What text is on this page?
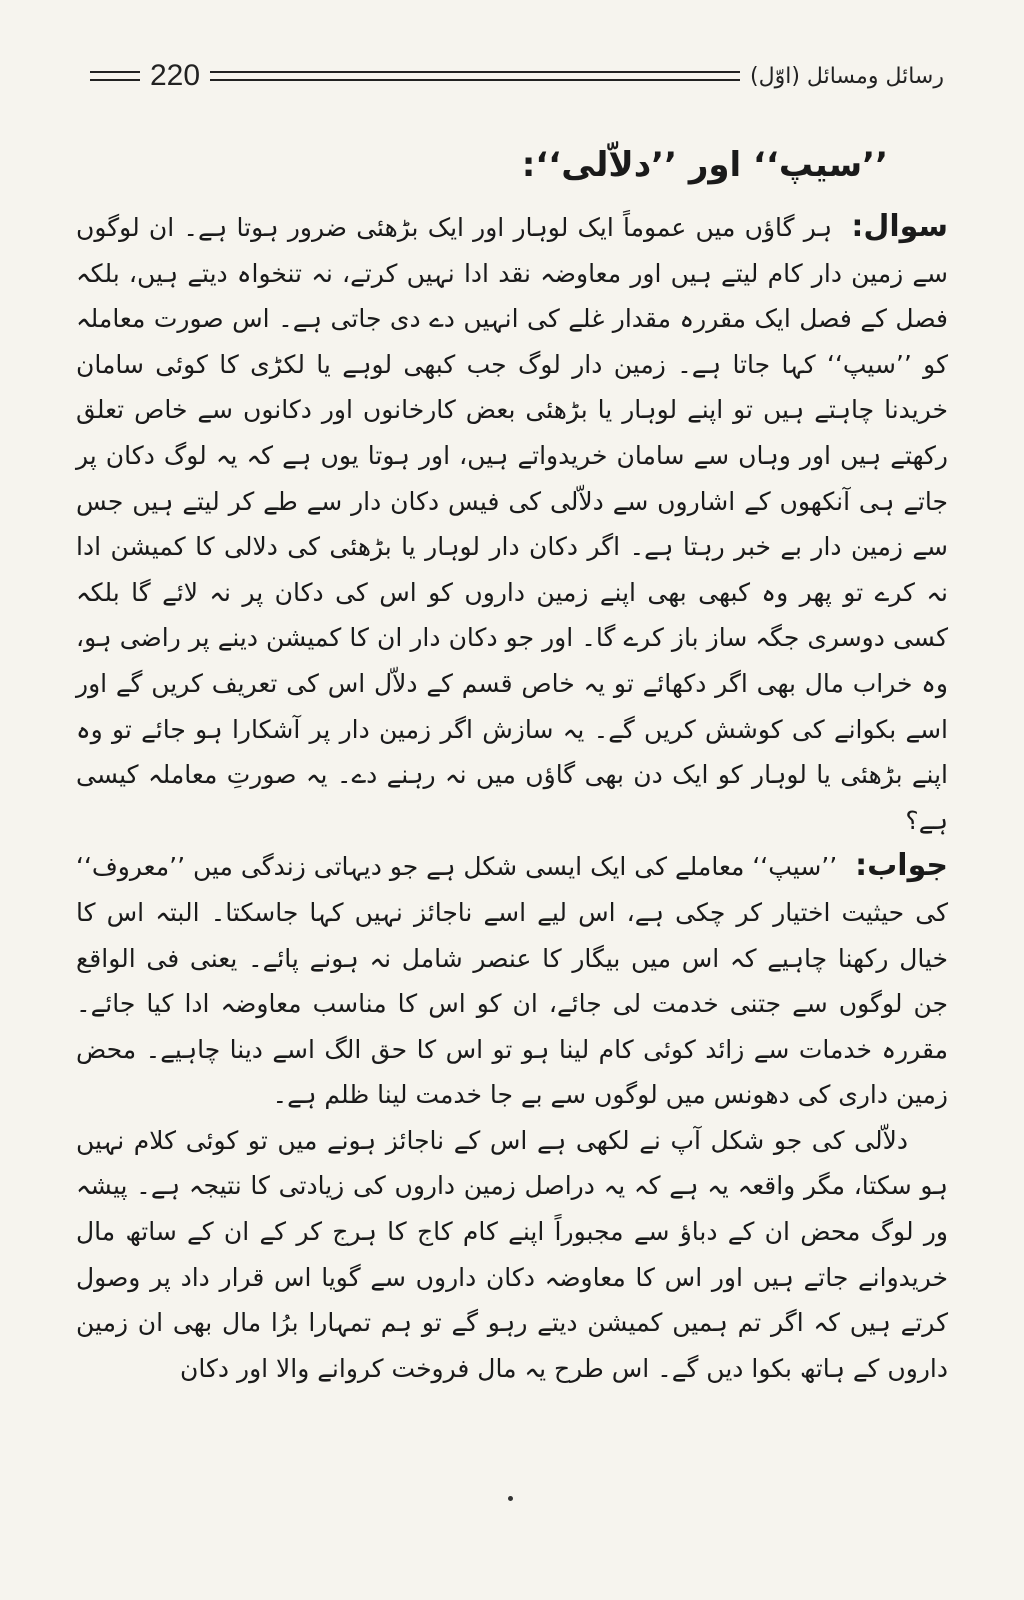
220	رسائل ومسائل (اوّل)
’’سیپ‘‘ اور ’’دلاّلی‘‘:

سوال: ہر گاؤں میں عموماً ایک لوہار اور ایک بڑھئی ضرور ہوتا ہے۔ ان لوگوں سے زمین دار کام لیتے ہیں اور معاوضہ نقد ادا نہیں کرتے، نہ تنخواہ دیتے ہیں، بلکہ فصل کے فصل ایک مقررہ مقدار غلے کی انہیں دے دی جاتی ہے۔ اس صورت معاملہ کو ’’سیپ‘‘ کہا جاتا ہے۔ زمین دار لوگ جب کبھی لوہے یا لکڑی کا کوئی سامان خریدنا چاہتے ہیں تو اپنے لوہار یا بڑھئی بعض کارخانوں اور دکانوں سے خاص تعلق رکھتے ہیں اور وہاں سے سامان خریدواتے ہیں، اور ہوتا یوں ہے کہ یہ لوگ دکان پر جاتے ہی آنکھوں کے اشاروں سے دلاّلی کی فیس دکان دار سے طے کر لیتے ہیں جس سے زمین دار بے خبر رہتا ہے۔ اگر دکان دار لوہار یا بڑھئی کی دلالی کا کمیشن ادا نہ کرے تو پھر وہ کبھی بھی اپنے زمین داروں کو اس کی دکان پر نہ لائے گا بلکہ کسی دوسری جگہ ساز باز کرے گا۔ اور جو دکان دار ان کا کمیشن دینے پر راضی ہو، وہ خراب مال بھی اگر دکھائے تو یہ خاص قسم کے دلاّل اس کی تعریف کریں گے اور اسے بکوانے کی کوشش کریں گے۔ یہ سازش اگر زمین دار پر آشکارا ہو جائے تو وہ اپنے بڑھئی یا لوہار کو ایک دن بھی گاؤں میں نہ رہنے دے۔ یہ صورتِ معاملہ کیسی ہے؟

جواب: ’’سیپ‘‘ معاملے کی ایک ایسی شکل ہے جو دیہاتی زندگی میں ’’معروف‘‘ کی حیثیت اختیار کر چکی ہے، اس لیے اسے ناجائز نہیں کہا جاسکتا۔ البتہ اس کا خیال رکھنا چاہیے کہ اس میں بیگار کا عنصر شامل نہ ہونے پائے۔ یعنی فی الواقع جن لوگوں سے جتنی خدمت لی جائے، ان کو اس کا مناسب معاوضہ ادا کیا جائے۔ مقررہ خدمات سے زائد کوئی کام لینا ہو تو اس کا حق الگ اسے دینا چاہیے۔ محض زمین داری کی دھونس میں لوگوں سے بے جا خدمت لینا ظلم ہے۔

دلاّلی کی جو شکل آپ نے لکھی ہے اس کے ناجائز ہونے میں تو کوئی کلام نہیں ہو سکتا، مگر واقعہ یہ ہے کہ یہ دراصل زمین داروں کی زیادتی کا نتیجہ ہے۔ پیشہ ور لوگ محض ان کے دباؤ سے مجبوراً اپنے کام کاج کا ہرج کر کے ان کے ساتھ مال خریدوانے جاتے ہیں اور اس کا معاوضہ دکان داروں سے گویا اس قرار داد پر وصول کرتے ہیں کہ اگر تم ہمیں کمیشن دیتے رہو گے تو ہم تمہارا برُا مال بھی ان زمین داروں کے ہاتھ بکوا دیں گے۔ اس طرح یہ مال فروخت کروانے والا اور دکان
